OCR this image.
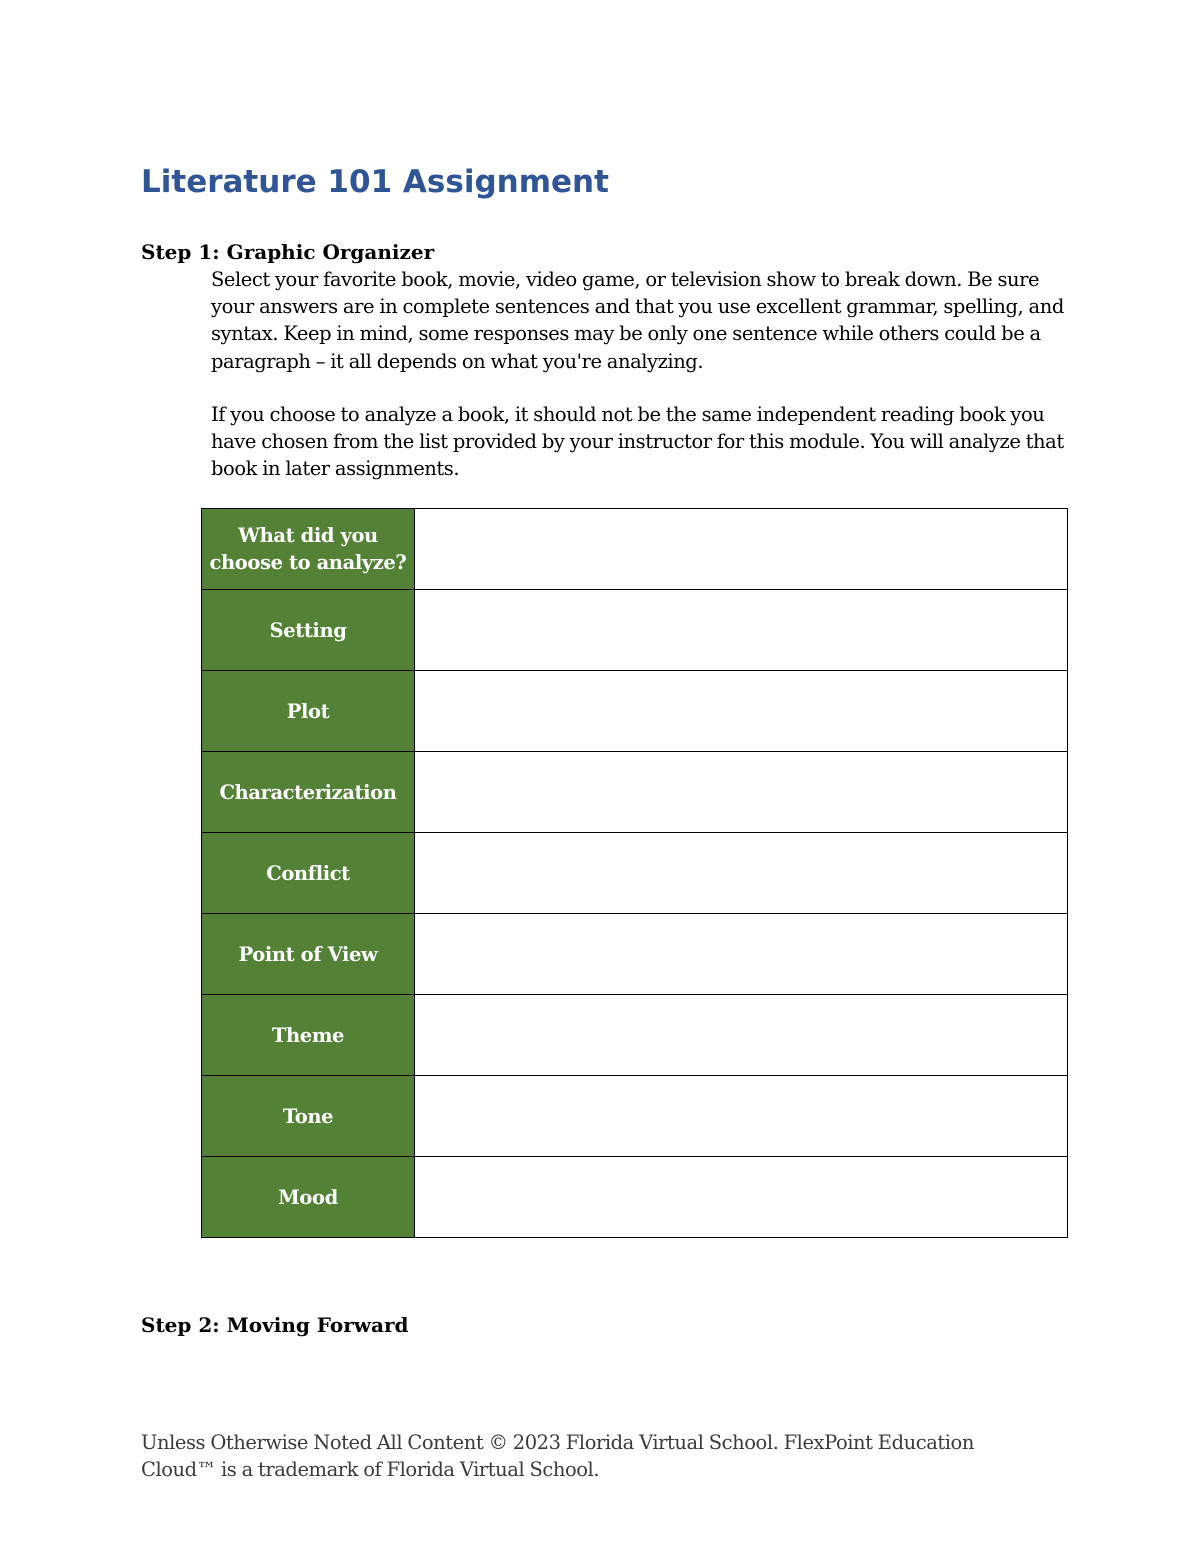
Literature 101 Assignment

Step 1: Graphic Organizer

Select your favorite book, movie, video game, or television show to break down. Be sure your answers are in complete sentences and that you use excellent grammar, spelling, and syntax. Keep in mind, some responses may be only one sentence while others could be a paragraph – it all depends on what you're analyzing.

If you choose to analyze a book, it should not be the same independent reading book you have chosen from the list provided by your instructor for this module. You will analyze that book in later assignments.

What did you choose to analyze?	
Setting	
Plot	
Characterization	
Conflict	
Point of View	
Theme	
Tone	
Mood	

Step 2: Moving Forward

Unless Otherwise Noted All Content © 2023 Florida Virtual School. FlexPoint Education Cloud™ is a trademark of Florida Virtual School.
